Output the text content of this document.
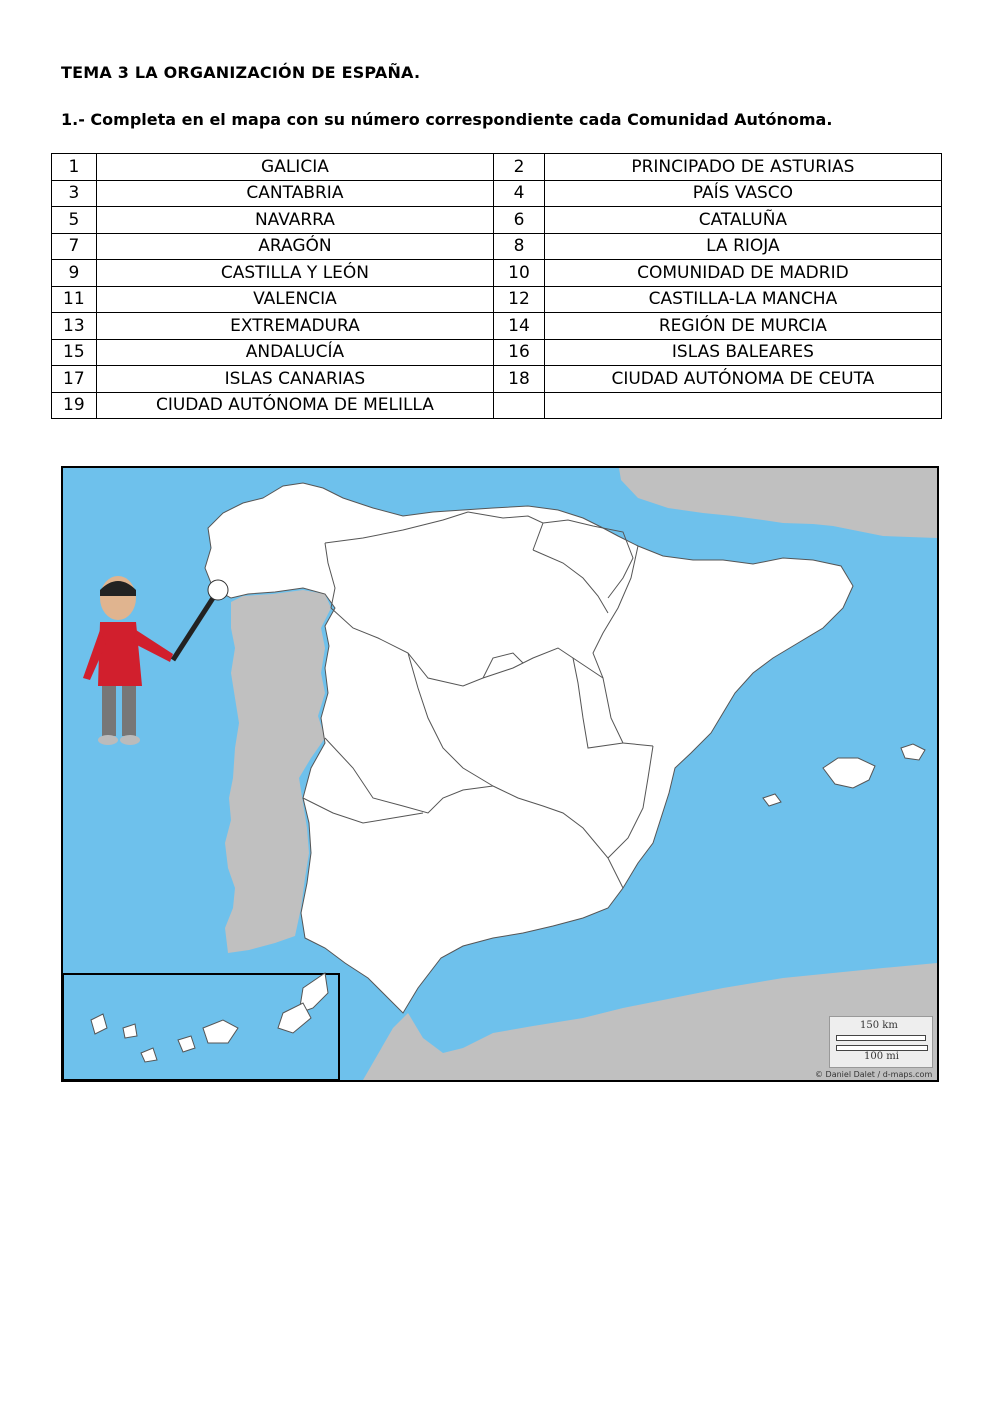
TEMA 3 LA ORGANIZACIÓN DE ESPAÑA.
1.- Completa en el mapa con su número correspondiente cada Comunidad Autónoma.
1	GALICIA	2	PRINCIPADO DE ASTURIAS
3	CANTABRIA	4	PAÍS VASCO
5	NAVARRA	6	CATALUÑA
7	ARAGÓN	8	LA RIOJA
9	CASTILLA Y LEÓN	10	COMUNIDAD DE MADRID
11	VALENCIA	12	CASTILLA-LA MANCHA
13	EXTREMADURA	14	REGIÓN DE MURCIA
15	ANDALUCÍA	16	ISLAS BALEARES
17	ISLAS CANARIAS	18	CIUDAD AUTÓNOMA DE CEUTA
19	CIUDAD AUTÓNOMA DE MELILLA		
150 km
100 mi
© Daniel Dalet / d-maps.com
